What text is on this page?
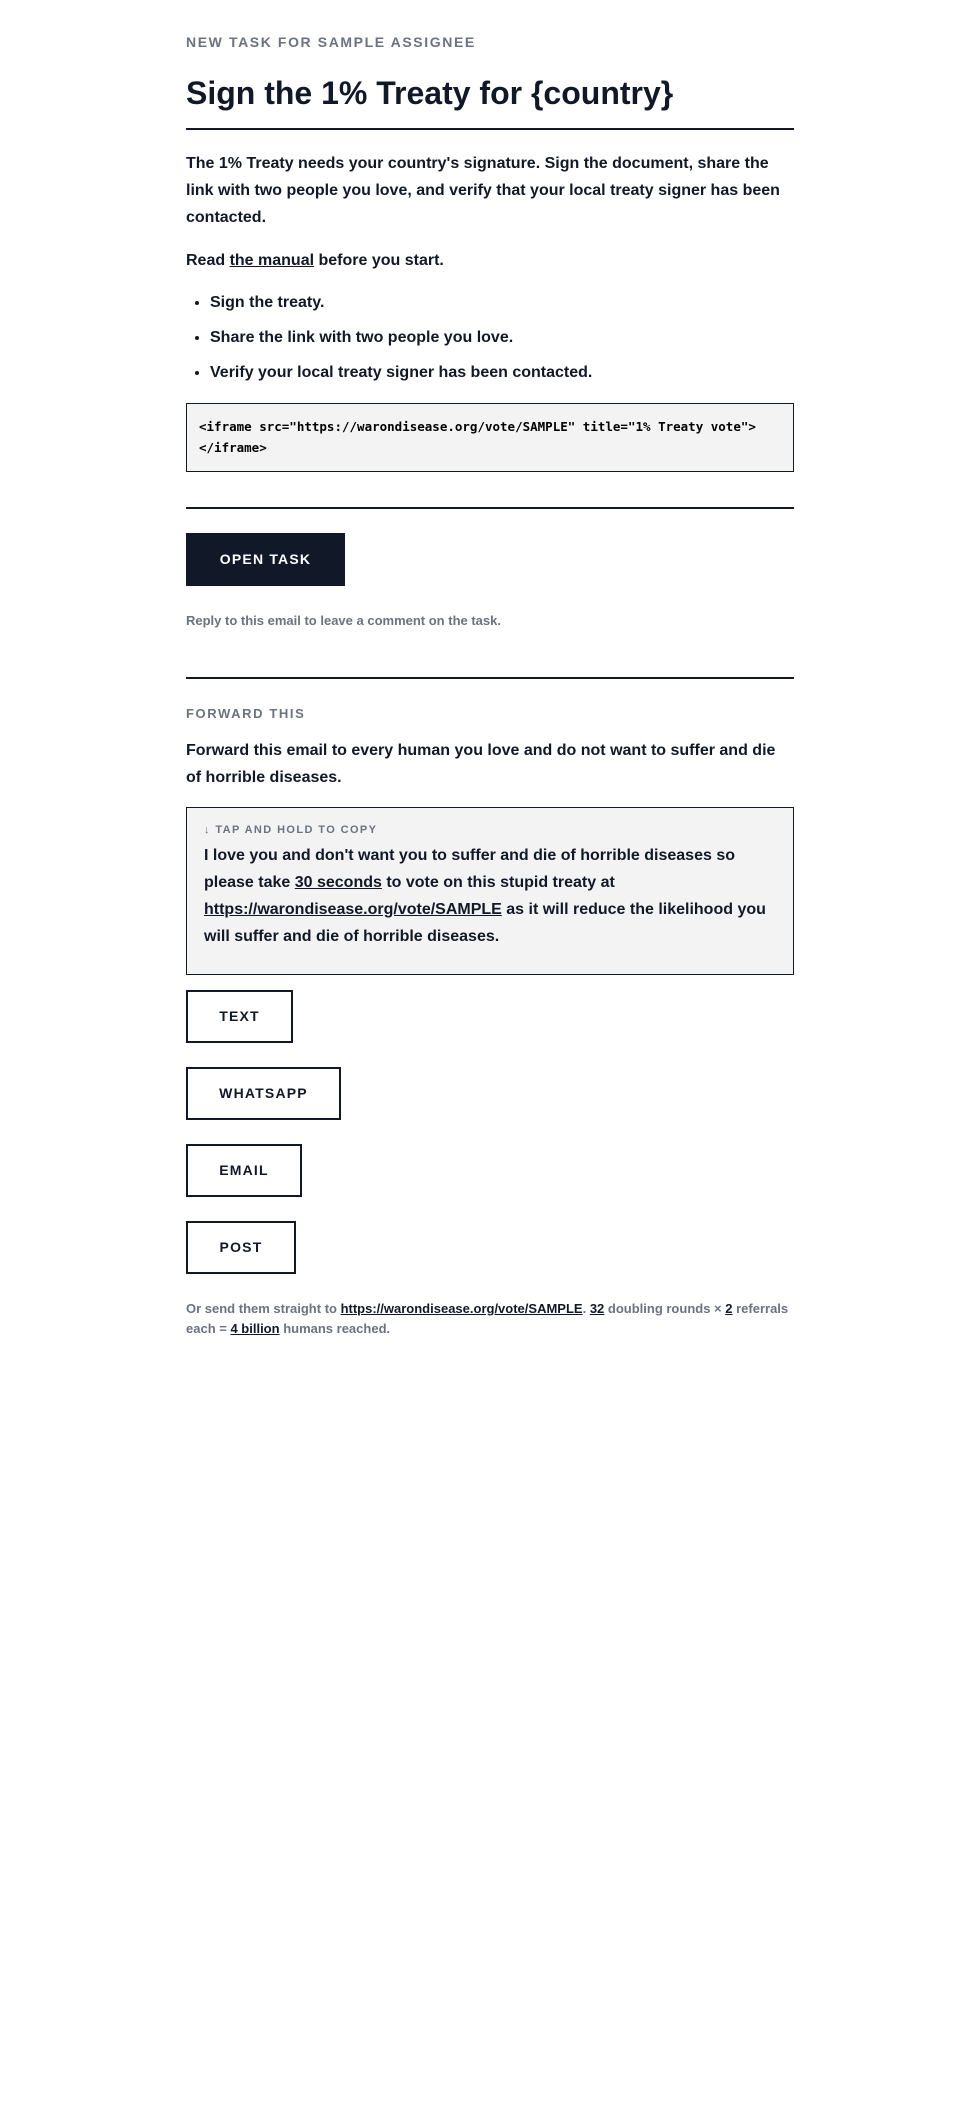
NEW TASK FOR SAMPLE ASSIGNEE
Sign the 1% Treaty for {country}

The 1% Treaty needs your country's signature. Sign the document, share the link with two people you love, and verify that your local treaty signer has been contacted.

Read the manual before you start.

• Sign the treaty.
• Share the link with two people you love.
• Verify your local treaty signer has been contacted.
<iframe src="https://warondisease.org/vote/SAMPLE" title="1% Treaty vote"></iframe>
OPEN TASK
Reply to this email to leave a comment on the task.
FORWARD THIS

Forward this email to every human you love and do not want to suffer and die of horrible diseases.

↓ TAP AND HOLD TO COPY

I love you and don't want you to suffer and die of horrible diseases so please take 30 seconds to vote on this stupid treaty at https://warondisease.org/vote/SAMPLE as it will reduce the likelihood you will suffer and die of horrible diseases.

TEXT
WHATSAPP
EMAIL
POST

Or send them straight to https://warondisease.org/vote/SAMPLE. 32 doubling rounds × 2 referrals each = 4 billion humans reached.
